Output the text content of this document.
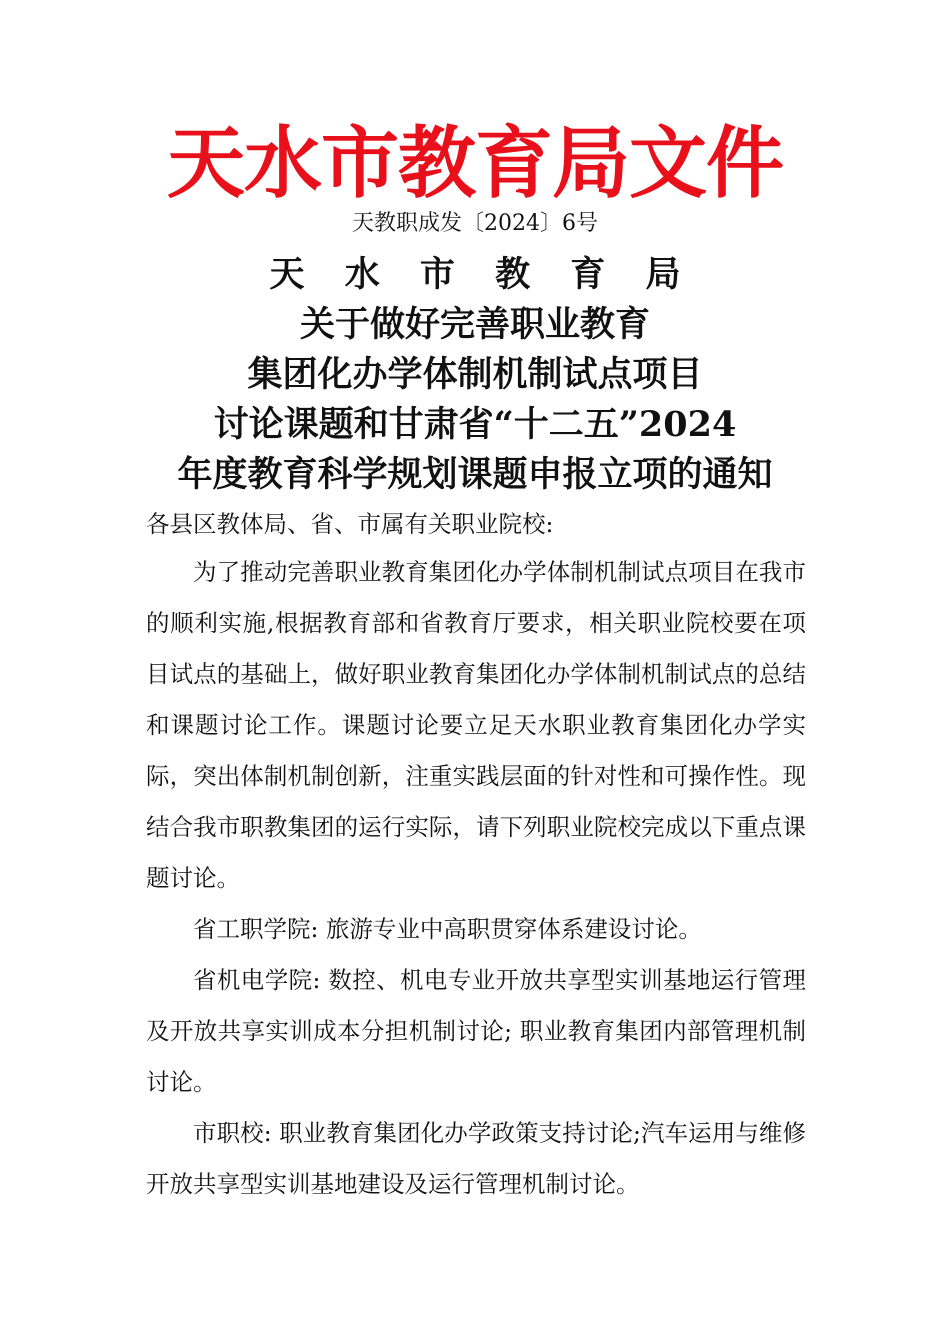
天水市教育局文件
天教职成发〔2024〕6号
天 水 市 教 育 局
关于做好完善职业教育
集团化办学体制机制试点项目
讨论课题和甘肃省“十二五”2024
年度教育科学规划课题申报立项的通知
各县区教体局、省、市属有关职业院校:

为了推动完善职业教育集团化办学体制机制试点项目在我市的顺利实施,根据教育部和省教育厅要求，相关职业院校要在项目试点的基础上，做好职业教育集团化办学体制机制试点的总结和课题讨论工作。课题讨论要立足天水职业教育集团化办学实际，突出体制机制创新，注重实践层面的针对性和可操作性。现结合我市职教集团的运行实际，请下列职业院校完成以下重点课题讨论。

省工职学院: 旅游专业中高职贯穿体系建设讨论。

省机电学院: 数控、机电专业开放共享型实训基地运行管理及开放共享实训成本分担机制讨论; 职业教育集团内部管理机制讨论。

市职校: 职业教育集团化办学政策支持讨论;汽车运用与维修开放共享型实训基地建设及运行管理机制讨论。
